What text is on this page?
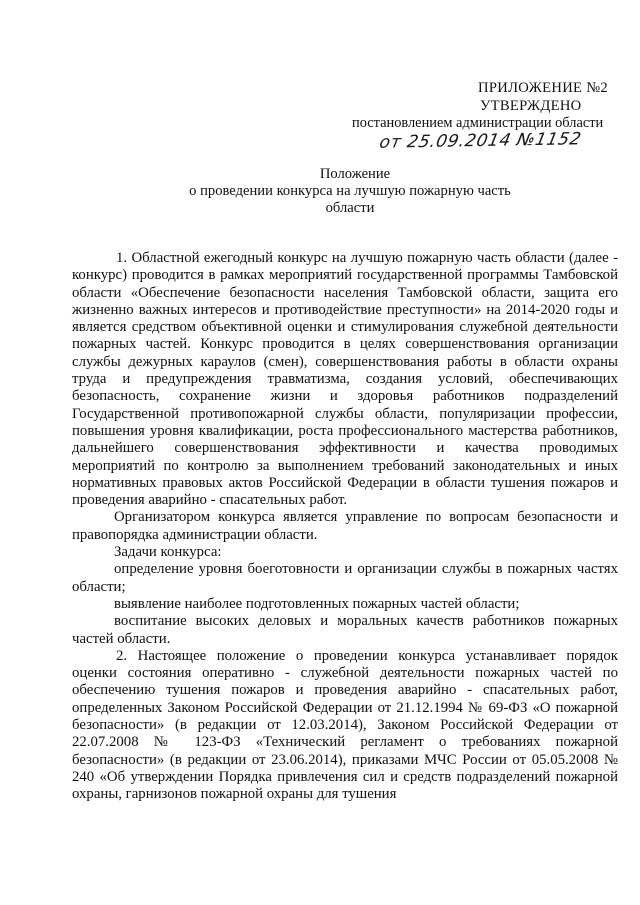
ПРИЛОЖЕНИЕ №2
УТВЕРЖДЕНО
постановлением администрации области
от 25.09.2014 №1152
Положение
о проведении конкурса на лучшую пожарную часть
области

1. Областной ежегодный конкурс на лучшую пожарную часть области (далее - конкурс) проводится в рамках мероприятий государственной программы Тамбовской области «Обеспечение безопасности населения Тамбовской области, защита его жизненно важных интересов и противодействие преступности» на 2014-2020 годы и является средством объективной оценки и стимулирования служебной деятельности пожарных частей. Конкурс проводится в целях совершенствования организации службы дежурных караулов (смен), совершенствования работы в области охраны труда и предупреждения травматизма, создания условий, обеспечивающих безопасность, сохранение жизни и здоровья работников подразделений Государственной противопожарной службы области, популяризации профессии, повышения уровня квалификации, роста профессионального мастерства работников, дальнейшего совершенствования эффективности и качества проводимых мероприятий по контролю за выполнением требований законодательных и иных нормативных правовых актов Российской Федерации в области тушения пожаров и проведения аварийно - спасательных работ.

Организатором конкурса является управление по вопросам безопасности и правопорядка администрации области.

Задачи конкурса:

определение уровня боеготовности и организации службы в пожарных частях области;

выявление наиболее подготовленных пожарных частей области;

воспитание высоких деловых и моральных качеств работников пожарных частей области.

2. Настоящее положение о проведении конкурса устанавливает порядок оценки состояния оперативно - служебной деятельности пожарных частей по обеспечению тушения пожаров и проведения аварийно - спасательных работ, определенных Законом Российской Федерации от 21.12.1994 № 69-ФЗ «О пожарной безопасности» (в редакции от 12.03.2014), Законом Российской Федерации от 22.07.2008 № 123-ФЗ «Технический регламент о требованиях пожарной безопасности» (в редакции от 23.06.2014), приказами МЧС России от 05.05.2008 № 240 «Об утверждении Порядка привлечения сил и средств подразделений пожарной охраны, гарнизонов пожарной охраны для тушения
